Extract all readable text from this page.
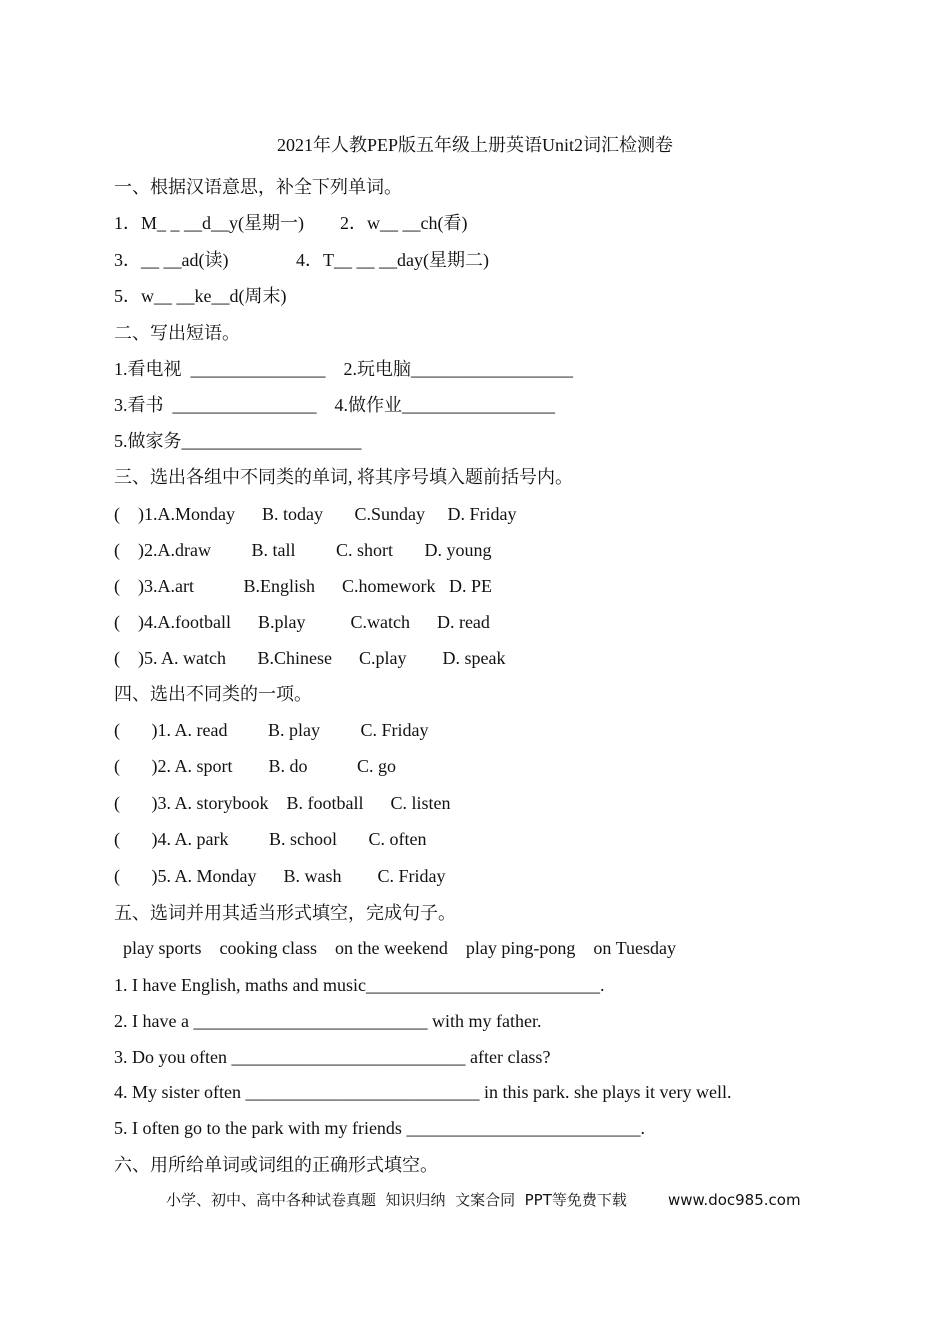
2021年人教PEP版五年级上册英语Unit2词汇检测卷
一、根据汉语意思，补全下列单词。
1．M_ _ __d__y(星期一)        2．w__ __ch(看)
3．__ __ad(读)               4．T__ __ __day(星期二)
5．w__ __ke__d(周末)
二、写出短语。
1.看电视  _______________    2.玩电脑__________________
3.看书  ________________    4.做作业_________________
5.做家务____________________
三、选出各组中不同类的单词, 将其序号填入题前括号内。
(    )1.A.Monday      B. today       C.Sunday     D. Friday
(    )2.A.draw         B. tall         C. short       D. young
(    )3.A.art           B.English      C.homework   D. PE
(    )4.A.football      B.play          C.watch      D. read
(    )5. A. watch       B.Chinese      C.play        D. speak
四、选出不同类的一项。
(       )1. A. read         B. play         C. Friday
(       )2. A. sport        B. do           C. go
(       )3. A. storybook    B. football      C. listen
(       )4. A. park         B. school       C. often
(       )5. A. Monday      B. wash        C. Friday
五、选词并用其适当形式填空，完成句子。
play sports    cooking class    on the weekend    play ping-pong    on Tuesday
1. I have English, maths and music__________________________.
2. I have a __________________________ with my father.
3. Do you often __________________________ after class?
4. My sister often __________________________ in this park. she plays it very well.
5. I often go to the park with my friends __________________________.
六、用所给单词或词组的正确形式填空。
小学、初中、高中各种试卷真题  知识归纳  文案合同  PPT等免费下载	www.doc985.com
